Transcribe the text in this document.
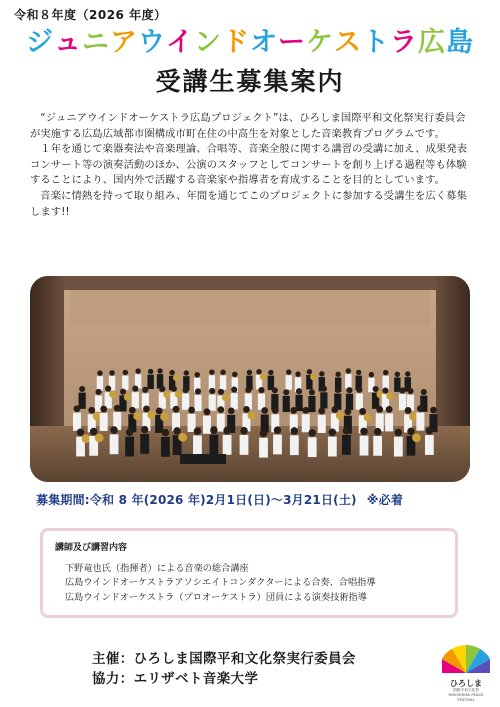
令和８年度（2026 年度）
ジュニアウインドオーケストラ広島
受講生募集案内

“ジュニアウインドオーケストラ広島プロジェクト”は、ひろしま国際平和文化祭実行委員会が実施する広島広域都市圏構成市町在住の中高生を対象とした音楽教育プログラムです。

１年を通じて楽器奏法や音楽理論、合唱等、音楽全般に関する講習の受講に加え、成果発表コンサート等の演奏活動のほか、公演のスタッフとしてコンサートを創り上げる過程等も体験することにより、国内外で活躍する音楽家や指導者を育成することを目的としています。

音楽に情熱を持って取り組み、年間を通じてこのプロジェクトに参加する受講生を広く募集します!!

募集期間:令和 8 年(2026 年)2月1日(日)～3月21日(土) ※必着
講師及び講習内容
下野竜也氏（指揮者）による音楽の総合講座
広島ウインドオーケストラアソシエイトコンダクターによる合奏、合唱指導
広島ウインドオーケストラ（プロオーケストラ）団員による演奏技術指導
主催：ひろしま国際平和文化祭実行委員会
協力：エリザベト音楽大学	ひろしま
国際平和文化祭
HIROSHIMA PEACE FESTIVAL
